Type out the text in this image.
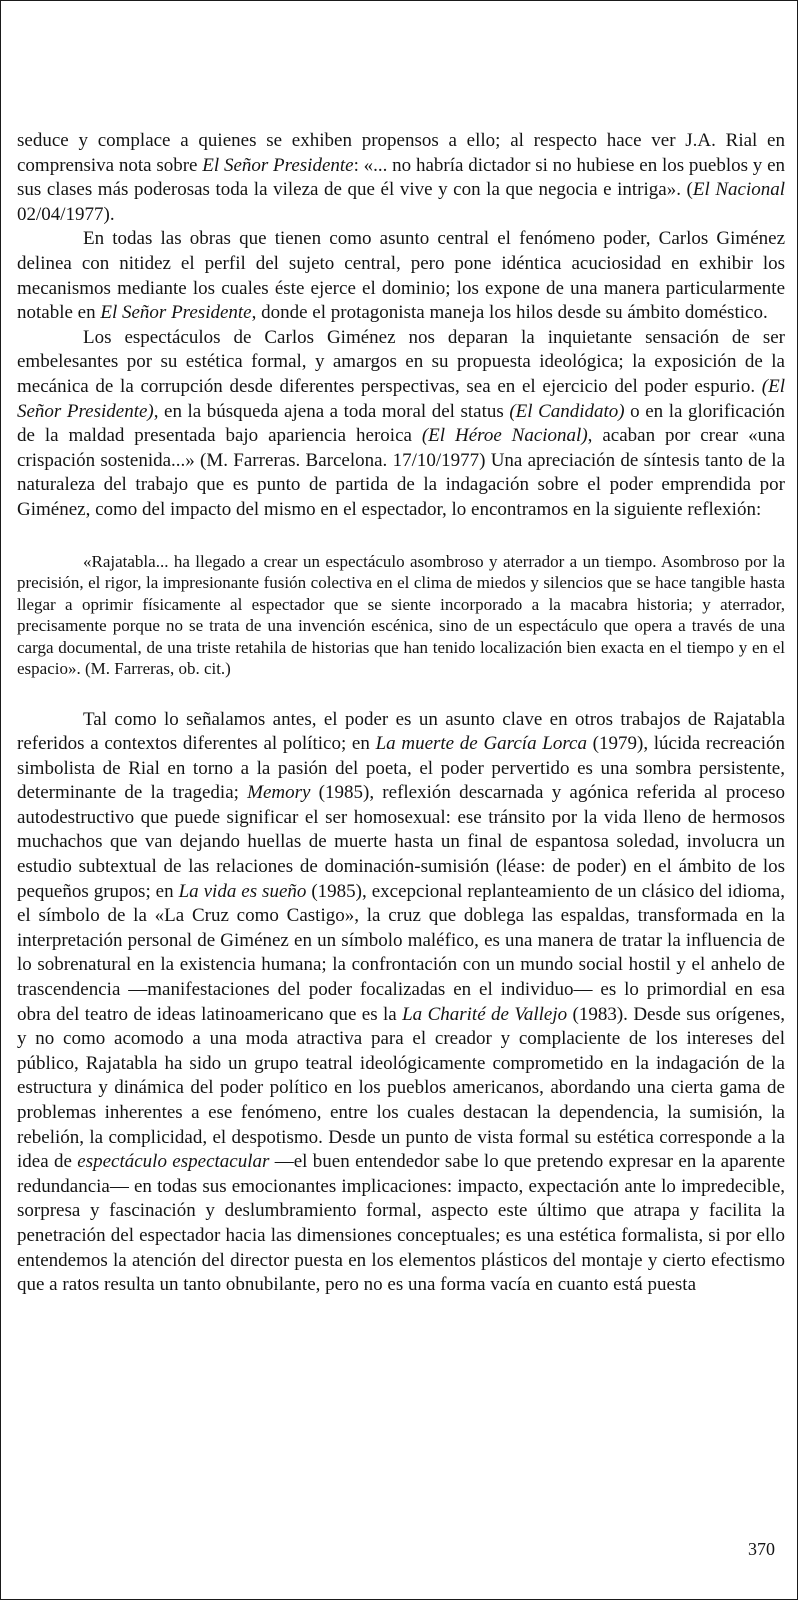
seduce y complace a quienes se exhiben propensos a ello; al respecto hace ver J.A. Rial en comprensiva nota sobre El Señor Presidente: «... no habría dictador si no hubiese en los pueblos y en sus clases más poderosas toda la vileza de que él vive y con la que negocia e intriga». (El Nacional 02/04/1977).

En todas las obras que tienen como asunto central el fenómeno poder, Carlos Giménez delinea con nitidez el perfil del sujeto central, pero pone idéntica acuciosidad en exhibir los mecanismos mediante los cuales éste ejerce el dominio; los expone de una manera particularmente notable en El Señor Presidente, donde el protagonista maneja los hilos desde su ámbito doméstico.

Los espectáculos de Carlos Giménez nos deparan la inquietante sensación de ser embelesantes por su estética formal, y amargos en su propuesta ideológica; la exposición de la mecánica de la corrupción desde diferentes perspectivas, sea en el ejercicio del poder espurio. (El Señor Presidente), en la búsqueda ajena a toda moral del status (El Candidato) o en la glorificación de la maldad presentada bajo apariencia heroica (El Héroe Nacional), acaban por crear «una crispación sostenida...» (M. Farreras. Barcelona. 17/10/1977) Una apreciación de síntesis tanto de la naturaleza del trabajo que es punto de partida de la indagación sobre el poder emprendida por Giménez, como del impacto del mismo en el espectador, lo encontramos en la siguiente reflexión:

«Rajatabla... ha llegado a crear un espectáculo asombroso y aterrador a un tiempo. Asombroso por la precisión, el rigor, la impresionante fusión colectiva en el clima de miedos y silencios que se hace tangible hasta llegar a oprimir físicamente al espectador que se siente incorporado a la macabra historia; y aterrador, precisamente porque no se trata de una invención escénica, sino de un espectáculo que opera a través de una carga documental, de una triste retahila de historias que han tenido localización bien exacta en el tiempo y en el espacio». (M. Farreras, ob. cit.)

Tal como lo señalamos antes, el poder es un asunto clave en otros trabajos de Rajatabla referidos a contextos diferentes al político; en La muerte de García Lorca (1979), lúcida recreación simbolista de Rial en torno a la pasión del poeta, el poder pervertido es una sombra persistente, determinante de la tragedia; Memory (1985), reflexión descarnada y agónica referida al proceso autodestructivo que puede significar el ser homosexual: ese tránsito por la vida lleno de hermosos muchachos que van dejando huellas de muerte hasta un final de espantosa soledad, involucra un estudio subtextual de las relaciones de dominación-sumisión (léase: de poder) en el ámbito de los pequeños grupos; en La vida es sueño (1985), excepcional replanteamiento de un clásico del idioma, el símbolo de la «La Cruz como Castigo», la cruz que doblega las espaldas, transformada en la interpretación personal de Giménez en un símbolo maléfico, es una manera de tratar la influencia de lo sobrenatural en la existencia humana; la confrontación con un mundo social hostil y el anhelo de trascendencia —manifestaciones del poder focalizadas en el individuo— es lo primordial en esa obra del teatro de ideas latinoamericano que es la La Charité de Vallejo (1983). Desde sus orígenes, y no como acomodo a una moda atractiva para el creador y complaciente de los intereses del público, Rajatabla ha sido un grupo teatral ideológicamente comprometido en la indagación de la estructura y dinámica del poder político en los pueblos americanos, abordando una cierta gama de problemas inherentes a ese fenómeno, entre los cuales destacan la dependencia, la sumisión, la rebelión, la complicidad, el despotismo. Desde un punto de vista formal su estética corresponde a la idea de espectáculo espectacular —el buen entendedor sabe lo que pretendo expresar en la aparente redundancia— en todas sus emocionantes implicaciones: impacto, expectación ante lo impredecible, sorpresa y fascinación y deslumbramiento formal, aspecto este último que atrapa y facilita la penetración del espectador hacia las dimensiones conceptuales; es una estética formalista, si por ello entendemos la atención del director puesta en los elementos plásticos del montaje y cierto efectismo que a ratos resulta un tanto obnubilante, pero no es una forma vacía en cuanto está puesta

370
